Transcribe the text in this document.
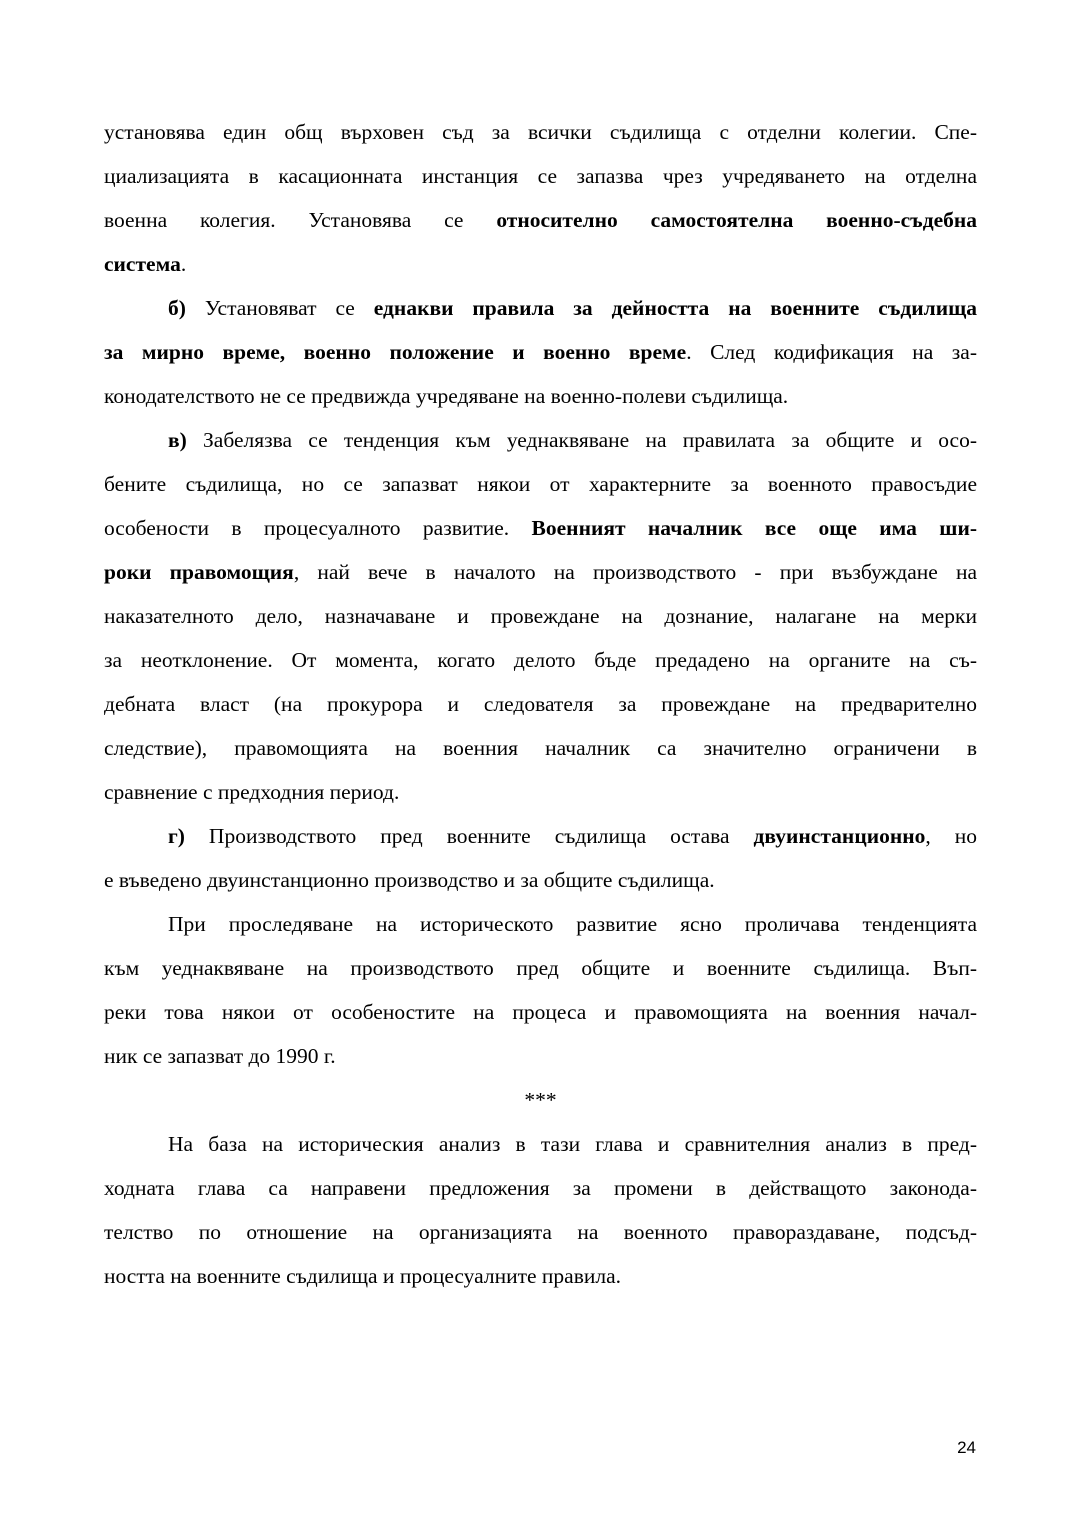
установява един общ върховен съд за всички съдилища с отделни колегии. Спе-
циализацията в касационната инстанция се запазва чрез учредяването на отделна
военна колегия. Установява се относително самостоятелна военно-съдебна
система.
б) Установяват се еднакви правила за дейността на военните съдилища
за мирно време, военно положение и военно време. След кодификация на за-
конодателството не се предвижда учредяване на военно-полеви съдилища.
в) Забелязва се тенденция към уеднаквяване на правилата за общите и осо-
бените съдилища, но се запазват някои от характерните за военното правосъдие
особености в процесуалното развитие. Военният началник все още има ши-
роки правомощия, най вече в началото на производството - при възбуждане на
наказателното дело, назначаване и провеждане на дознание, налагане на мерки
за неотклонение. От момента, когато делото бъде предадено на органите на съ-
дебната власт (на прокурора и следователя за провеждане на предварително
следствие), правомощията на военния началник са значително ограничени в
сравнение с предходния период.
г) Производството пред военните съдилища остава двуинстанционно, но
е въведено двуинстанционно производство и за общите съдилища.
При проследяване на историческото развитие ясно проличава тенденцията
към уеднаквяване на производството пред общите и военните съдилища. Въп-
реки това някои от особеностите на процеса и правомощията на военния начал-
ник се запазват до 1990 г.
***
На база на историческия анализ в тази глава и сравнителния анализ в пред-
ходната глава са направени предложения за промени в действащото законода-
телство по отношение на организацията на военното правораздаване, подсъд-
ността на военните съдилища и процесуалните правила.
24
